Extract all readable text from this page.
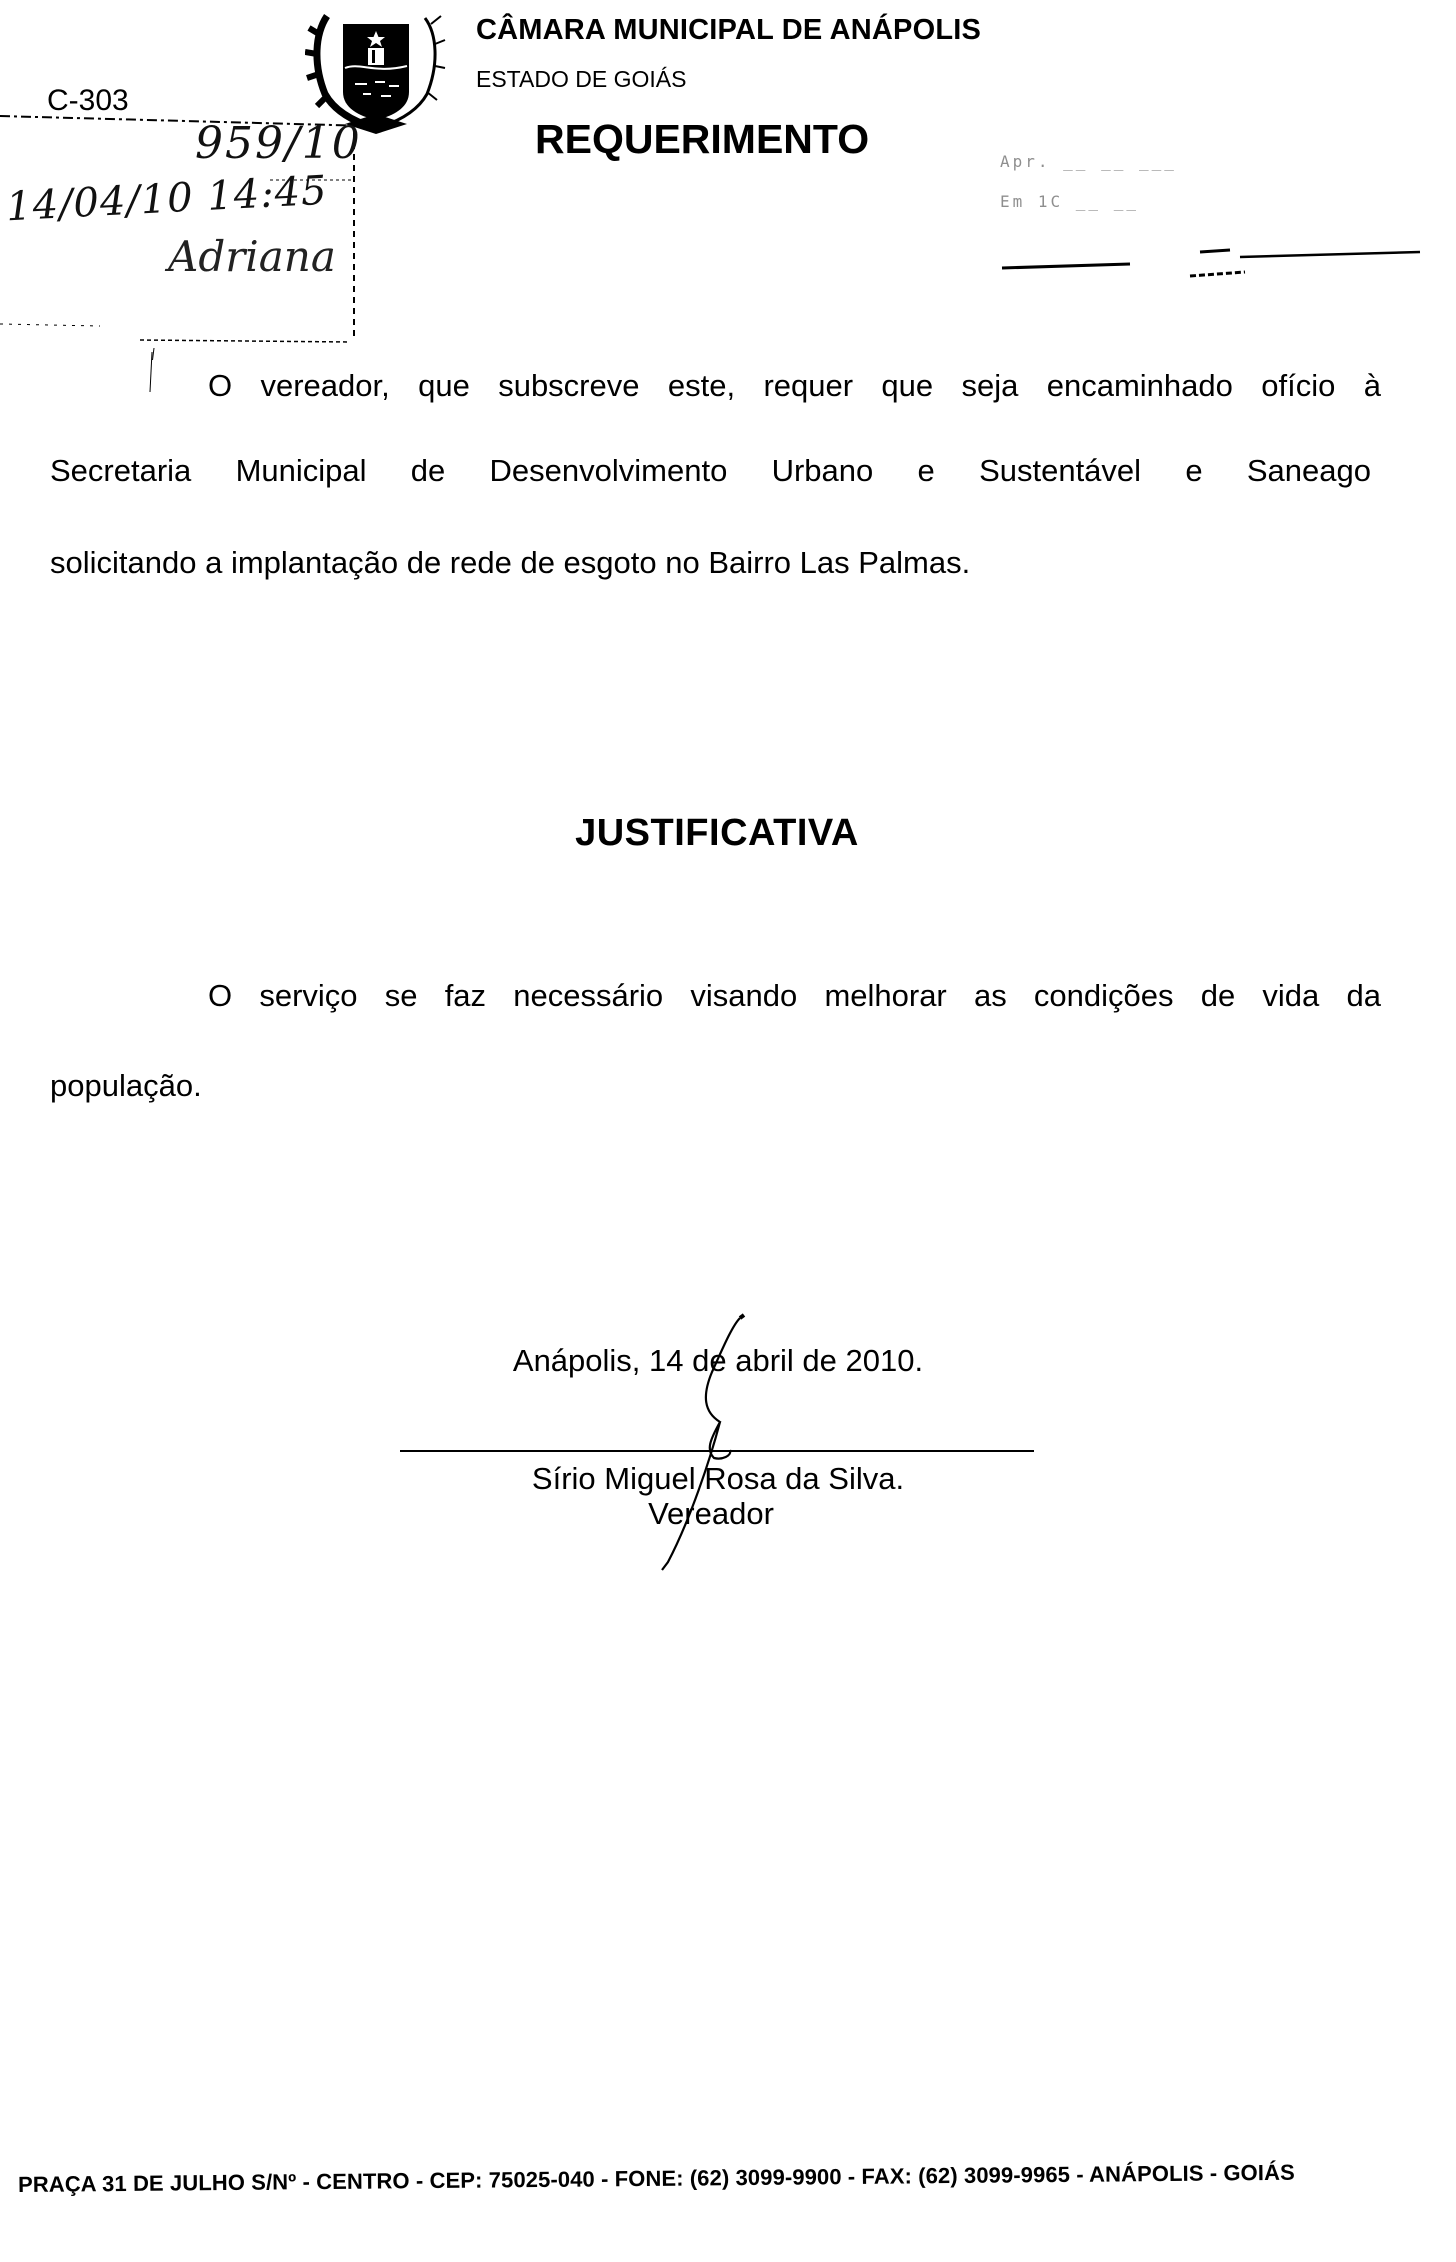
CÂMARA MUNICIPAL DE ANÁPOLIS
ESTADO DE GOIÁS
REQUERIMENTO
C-303
959/10
14/04/10 14:45
Adriana
Apr. __ __ ___
Em 1C __ __
O vereador, que subscreve este, requer que seja encaminhado ofício à
Secretaria Municipal de Desenvolvimento Urbano e Sustentável e Saneago
solicitando a implantação de rede de esgoto no Bairro Las Palmas.
JUSTIFICATIVA
O serviço se faz necessário visando melhorar as condições de vida da
população.
Anápolis, 14 de abril de 2010.
Sírio Miguel Rosa da Silva.
Vereador
PRAÇA 31 DE JULHO S/Nº - CENTRO - CEP: 75025-040 - FONE: (62) 3099-9900 - FAX: (62) 3099-9965 - ANÁPOLIS - GOIÁS
